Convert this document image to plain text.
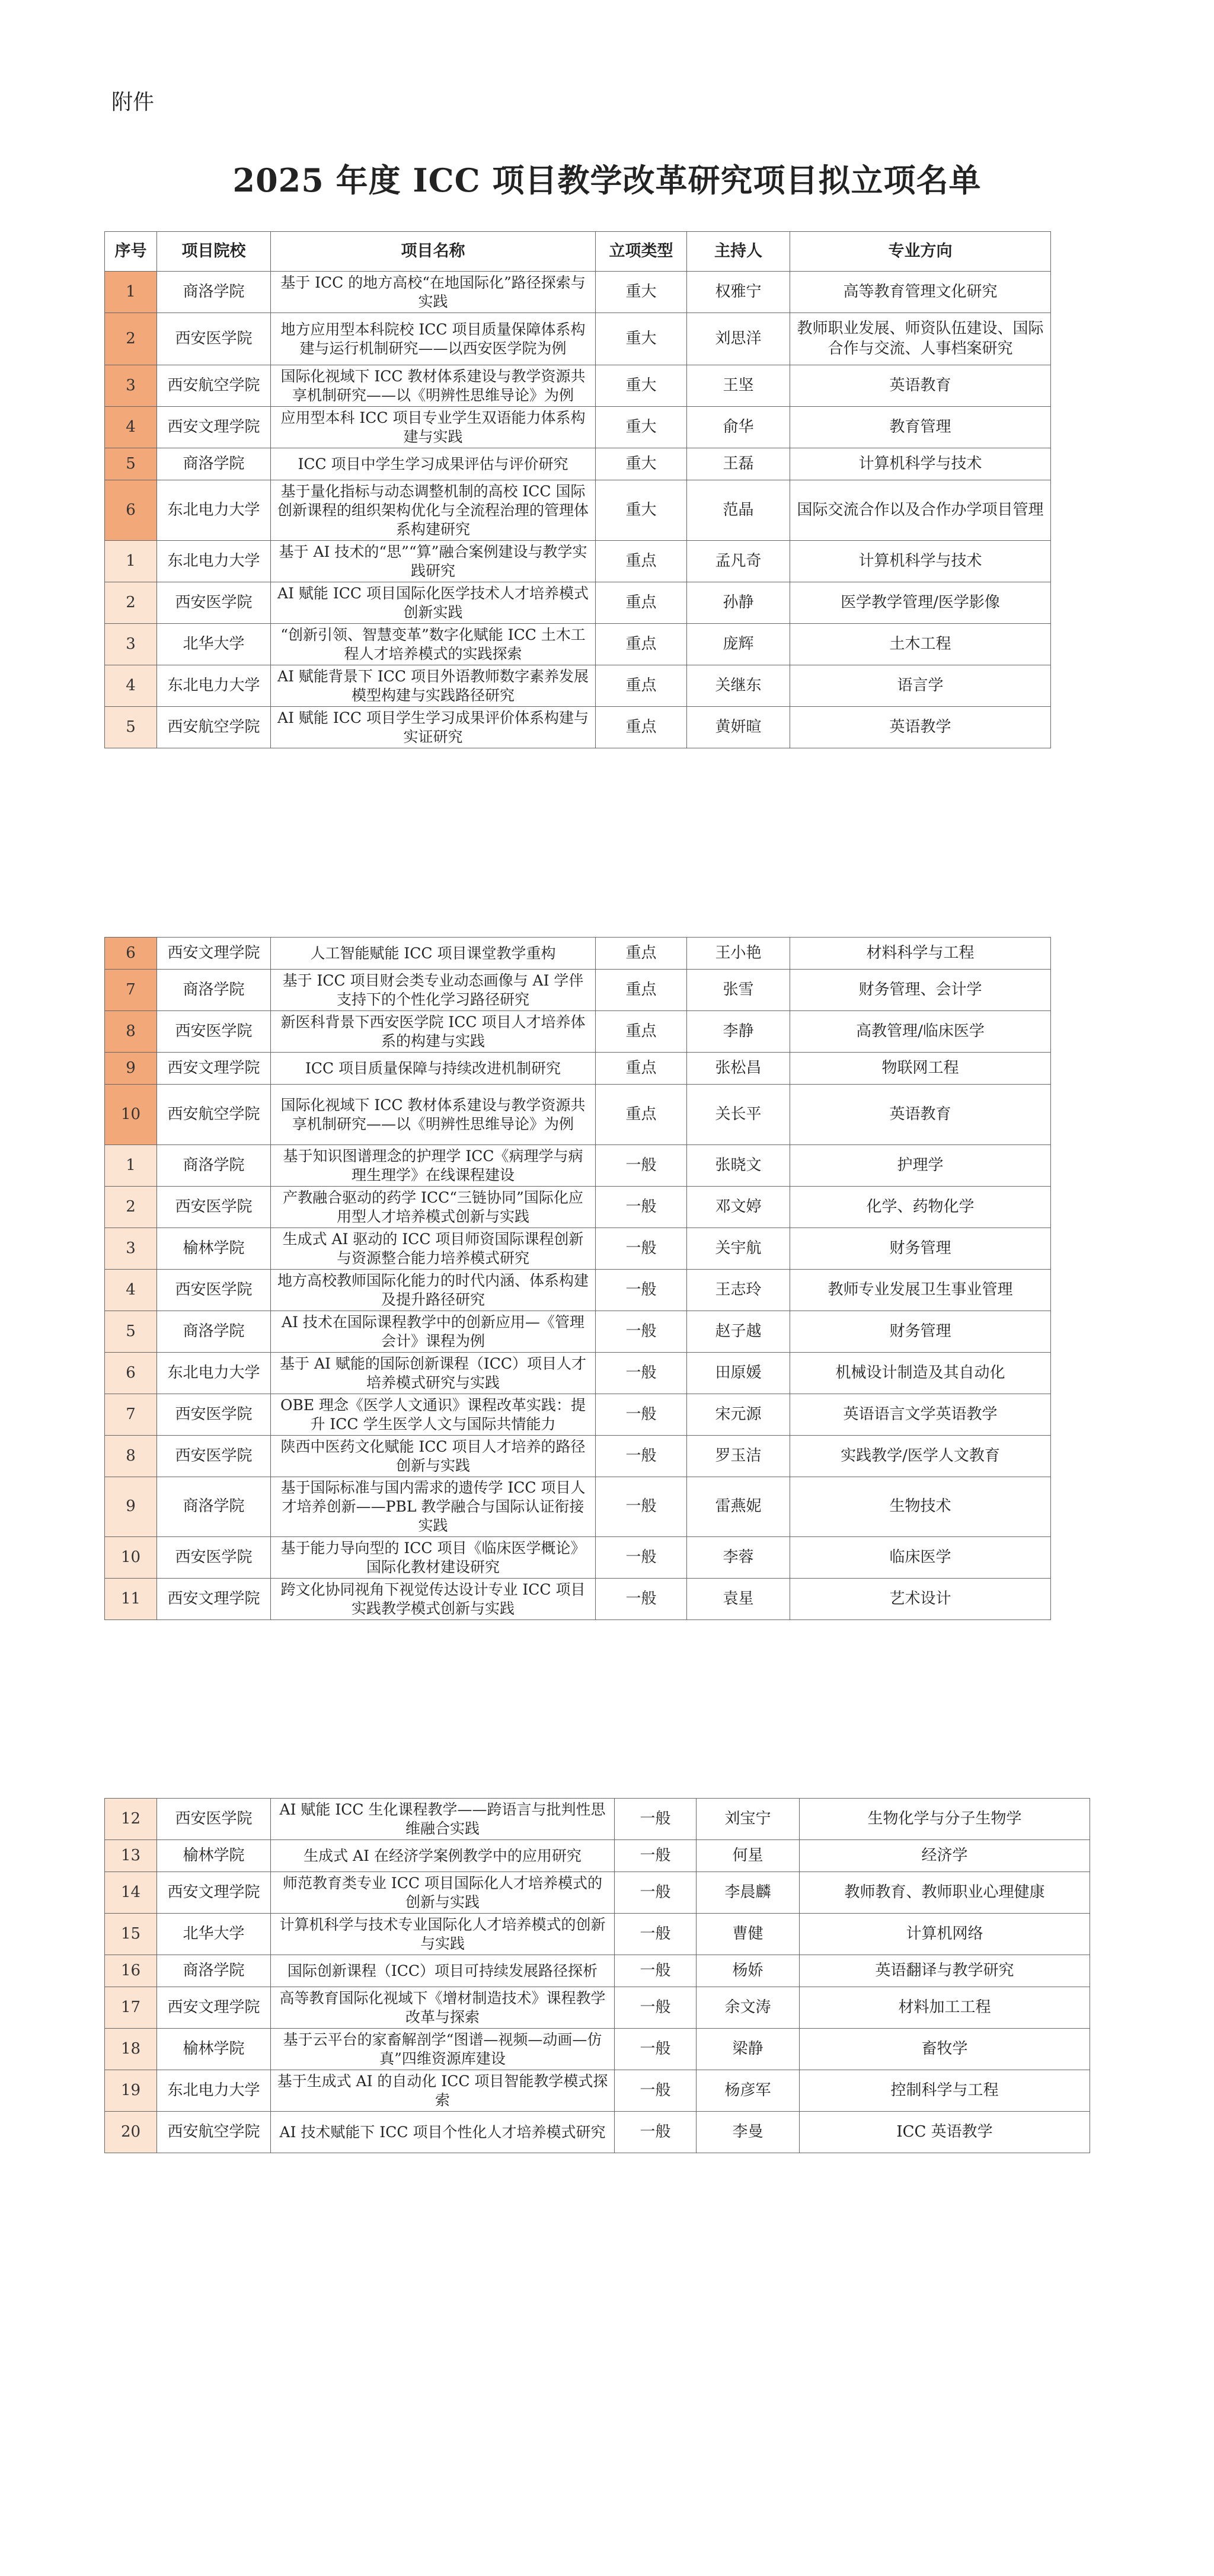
附件
2025 年度 ICC 项目教学改革研究项目拟立项名单
序号	项目院校	项目名称	立项类型	主持人	专业方向
1	商洛学院	基于 ICC 的地方高校“在地国际化”路径探索与实践	重大	权雅宁	高等教育管理文化研究
2	西安医学院	地方应用型本科院校 ICC 项目质量保障体系构建与运行机制研究——以西安医学院为例	重大	刘思洋	教师职业发展、师资队伍建设、国际合作与交流、人事档案研究
3	西安航空学院	国际化视域下 ICC 教材体系建设与教学资源共享机制研究——以《明辨性思维导论》为例	重大	王坚	英语教育
4	西安文理学院	应用型本科 ICC 项目专业学生双语能力体系构建与实践	重大	俞华	教育管理
5	商洛学院	ICC 项目中学生学习成果评估与评价研究	重大	王磊	计算机科学与技术
6	东北电力大学	基于量化指标与动态调整机制的高校 ICC 国际创新课程的组织架构优化与全流程治理的管理体系构建研究	重大	范晶	国际交流合作以及合作办学项目管理
1	东北电力大学	基于 AI 技术的“思”“算”融合案例建设与教学实践研究	重点	孟凡奇	计算机科学与技术
2	西安医学院	AI 赋能 ICC 项目国际化医学技术人才培养模式创新实践	重点	孙静	医学教学管理/医学影像
3	北华大学	“创新引领、智慧变革”数字化赋能 ICC 土木工程人才培养模式的实践探索	重点	庞辉	土木工程
4	东北电力大学	AI 赋能背景下 ICC 项目外语教师数字素养发展模型构建与实践路径研究	重点	关继东	语言学
5	西安航空学院	AI 赋能 ICC 项目学生学习成果评价体系构建与实证研究	重点	黄妍暄	英语教学
6	西安文理学院	人工智能赋能 ICC 项目课堂教学重构	重点	王小艳	材料科学与工程
7	商洛学院	基于 ICC 项目财会类专业动态画像与 AI 学伴支持下的个性化学习路径研究	重点	张雪	财务管理、会计学
8	西安医学院	新医科背景下西安医学院 ICC 项目人才培养体系的构建与实践	重点	李静	高教管理/临床医学
9	西安文理学院	ICC 项目质量保障与持续改进机制研究	重点	张松昌	物联网工程
10	西安航空学院	国际化视域下 ICC 教材体系建设与教学资源共享机制研究——以《明辨性思维导论》为例	重点	关长平	英语教育
1	商洛学院	基于知识图谱理念的护理学 ICC《病理学与病理生理学》在线课程建设	一般	张晓文	护理学
2	西安医学院	产教融合驱动的药学 ICC“三链协同”国际化应用型人才培养模式创新与实践	一般	邓文婷	化学、药物化学
3	榆林学院	生成式 AI 驱动的 ICC 项目师资国际课程创新与资源整合能力培养模式研究	一般	关宇航	财务管理
4	西安医学院	地方高校教师国际化能力的时代内涵、体系构建及提升路径研究	一般	王志玲	教师专业发展卫生事业管理
5	商洛学院	AI 技术在国际课程教学中的创新应用—《管理会计》课程为例	一般	赵子越	财务管理
6	东北电力大学	基于 AI 赋能的国际创新课程（ICC）项目人才培养模式研究与实践	一般	田原媛	机械设计制造及其自动化
7	西安医学院	OBE 理念《医学人文通识》课程改革实践：提升 ICC 学生医学人文与国际共情能力	一般	宋元源	英语语言文学英语教学
8	西安医学院	陕西中医药文化赋能 ICC 项目人才培养的路径创新与实践	一般	罗玉洁	实践教学/医学人文教育
9	商洛学院	基于国际标准与国内需求的遗传学 ICC 项目人才培养创新——PBL 教学融合与国际认证衔接实践	一般	雷燕妮	生物技术
10	西安医学院	基于能力导向型的 ICC 项目《临床医学概论》国际化教材建设研究	一般	李蓉	临床医学
11	西安文理学院	跨文化协同视角下视觉传达设计专业 ICC 项目实践教学模式创新与实践	一般	袁星	艺术设计
12	西安医学院	AI 赋能 ICC 生化课程教学——跨语言与批判性思维融合实践	一般	刘宝宁	生物化学与分子生物学
13	榆林学院	生成式 AI 在经济学案例教学中的应用研究	一般	何星	经济学
14	西安文理学院	师范教育类专业 ICC 项目国际化人才培养模式的创新与实践	一般	李晨麟	教师教育、教师职业心理健康
15	北华大学	计算机科学与技术专业国际化人才培养模式的创新与实践	一般	曹健	计算机网络
16	商洛学院	国际创新课程（ICC）项目可持续发展路径探析	一般	杨娇	英语翻译与教学研究
17	西安文理学院	高等教育国际化视域下《增材制造技术》课程教学改革与探索	一般	余文涛	材料加工工程
18	榆林学院	基于云平台的家畜解剖学“图谱—视频—动画—仿真”四维资源库建设	一般	梁静	畜牧学
19	东北电力大学	基于生成式 AI 的自动化 ICC 项目智能教学模式探索	一般	杨彦军	控制科学与工程
20	西安航空学院	AI 技术赋能下 ICC 项目个性化人才培养模式研究	一般	李曼	ICC 英语教学
